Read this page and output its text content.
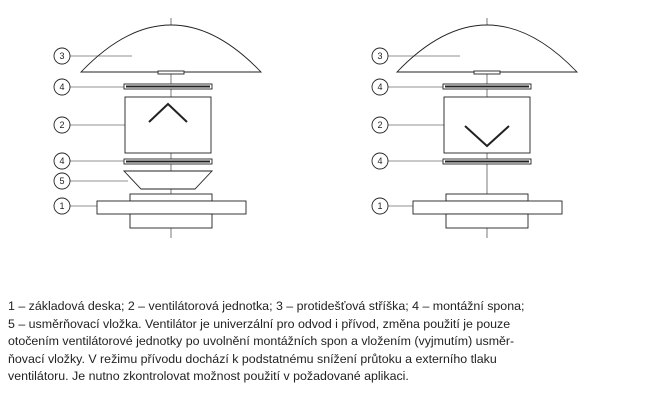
3
4
2
4
5
1
3
4
2
4
1

1 – základová deska; 2 – ventilátorová jednotka; 3 – protidešťová stříška; 4 – montážní spona;

5 – usměrňovací vložka. Ventilátor je univerzální pro odvod i přívod, změna použití je pouze

otočením ventilátorové jednotky po uvolnění montážních spon a vložením (vyjmutím) usměr-

ňovací vložky. V režimu přívodu dochází k podstatnému snížení průtoku a externího tlaku

ventilátoru. Je nutno zkontrolovat možnost použití v požadované aplikaci.
